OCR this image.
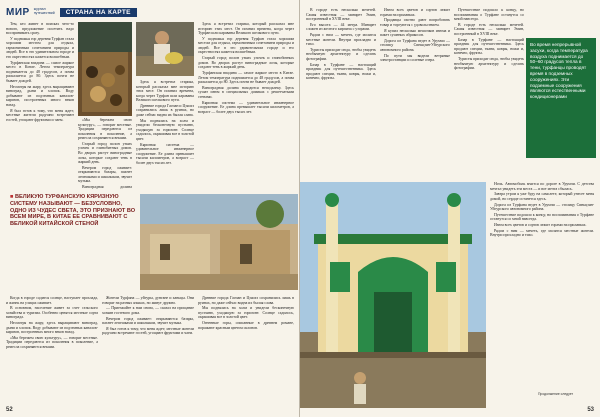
МИР журнал путешествий	СТРАНА НА КАРТЕ

Тем, кто живет в поисках чего-то нового, предложение посетить надо воспринимать сразу.

У подножья гор деревня Турфан стала хорошим местом для отдыха, гармоничным сочетанием природы и людей. Все в это удивительном городе и его окрестностях кажется волшебным.

Турфанская впадина — самое жаркое место в Китае. Летом температура поднимается до 48 градусов, а почва раскаляется до 80. Здесь почти не бывает дождей.

Несмотря на жару, здесь выращивают виноград, дыни и хлопок. Воду добывают из подземных каналов-кяризов, построенных много веков назад.

Я был готов к тому, что меня ждет; местные жители радушно встречают гостей, угощают фруктами и чаем.	«Мы бережем свою культуру», — говорят местные. Традиции передаются из поколения в поколение, а ремесла сохраняются веками.

Старый город полон узких улочек и глинобитных домов. Во дворах растут виноградные лозы, которые создают тень в жаркий день.

Вечером город оживает: открываются базары, пахнет лепешками и шашлыком, звучит музыка.

Виноградная долина

Здесь я встретил старика, который рассказал мне историю этих мест. Он помнил времена, когда через Турфан шли караваны Великого шелкового пути.

Древние города Гаочан и Цзяохэ сохранились лишь в руинах, но даже сейчас видна их былая слава.

Мы поднялись на холм и увидели бесконечную пустыню, уходящую за горизонт. Солнце садилось, окрашивая все в золотой цвет.

Кяризная система — удивительное инженерное сооружение. Ее длина превышает тысячи километров, а возраст — более двух тысяч лет.

Здесь я встретил старика, который рассказал мне историю этих мест. Он помнил времена, когда через Турфан шли караваны Великого шелкового пути.

У подножья гор деревня Турфан стала хорошим местом для отдыха, гармоничным сочетанием природы и людей. Все в это удивительном городе и его окрестностях кажется волшебным.

Старый город полон узких улочек и глинобитных домов. Во дворах растут виноградные лозы, которые создают тень в жаркий день.

Турфанская впадина — самое жаркое место в Китае. Летом температура поднимается до 48 градусов, а почва раскаляется до 80. Здесь почти не бывает дождей.

Виноградная долина находится неподалеку. Здесь сушат изюм в специальных домиках с решетчатыми стенами.

Кяризная система — удивительное инженерное сооружение. Ее длина превышает тысячи километров, а возраст — более двух тысяч лет.

■ ВЕЛИКУЮ ТУРФАНСКУЮ КЯРИЗНУЮ СИСТЕМУ НАЗЫВАЮТ — БЕЗУСЛОВНО, ОДНО ИЗ ЧУДЕС СВЕТА, ЭТО ПРИЗНАЮТ ВО ВСЕМ МИРЕ, В КИТАЕ ЕЕ СРАВНИВАЮТ С ВЕЛИКОЙ КИТАЙСКОЙ СТЕНОЙ

Когда в городе садится солнце, наступает прохлада, и жизнь на улицах оживает.

В основном, население живет за счет сельского хозяйства и туризма. Особенно ценятся местные сорта винограда.

Несмотря на жару, здесь выращивают виноград, дыни и хлопок. Воду добывают из подземных каналов-кяризов, построенных много веков назад.

«Мы бережем свою культуру», — говорят местные. Традиции передаются из поколения в поколение, а ремесла сохраняются веками.

Жители Турфана — уйгуры, дунгане и ханьцы. Они говорят на разных языках, но живут дружно.

— Приезжайте к нам снова, — сказал на прощание хозяин гостевого дома.

Вечером город оживает: открываются базары, пахнет лепешками и шашлыком, звучит музыка.

Я был готов к тому, что меня ждет; местные жители радушно встречают гостей, угощают фруктами и чаем.

Древние города Гаочан и Цзяохэ сохранились лишь в руинах, но даже сейчас видна их былая слава.

Мы поднялись на холм и увидели бесконечную пустыню, уходящую за горизонт. Солнце садилось, окрашивая все в золотой цвет.

Огненные горы, описанные в древнем романе, поражают красным цветом склонов.

52

В городе есть несколько мечетей. Самая известная — минарет Эмин, построенный в XVIII веке.

Его высота — 44 метра. Минарет сложен из желтого кирпича с узорами.

Рядом с ним — мечеть, где молятся местные жители. Внутри прохладно и тихо.

Туристы приходят сюда, чтобы увидеть необычную архитектуру и сделать фотографии.

Базар в Турфане — настоящий праздник для путешественника. Здесь продают специи, ткани, ковры, ножи и, конечно, фрукты.

Изюм всех цветов и сортов лежит горами на прилавках.

Продавцы охотно дают попробовать товар и торгуются с удовольствием.

Я купил несколько мешочков изюма и пакет сушеных абрикосов.

Дорога из Турфана ведет в Урумчи — столицу Синьцзян-Уйгурского автономного района.

По пути мы видели ветряные электростанции и соленые озера.

Путешествие подошло к концу, но воспоминания о Турфане останутся со мной навсегда.

В городе есть несколько мечетей. Самая известная — минарет Эмин, построенный в XVIII веке.

Базар в Турфане — настоящий праздник для путешественника. Здесь продают специи, ткани, ковры, ножи и, конечно, фрукты.

Туристы приходят сюда, чтобы увидеть необычную архитектуру и сделать фотографии.

Во время непрерывной засухи, когда температура воздуха поднимается до 50–60 градусов тепла в тени, турфанцы проводят время в подземных сооружениях. Эти подземные сооружения являются естественными кондиционерами

Ночь. Автомобиль мчится по дороге в Урумчи. С детства мечтал увидеть эти места — и вот мечта сбылась.

Завтра утром я уже буду на самолете, который унесет меня домой, но сердце останется здесь.

Дорога из Турфана ведет в Урумчи — столицу Синьцзян-Уйгурского автономного района.

Путешествие подошло к концу, но воспоминания о Турфане останутся со мной навсегда.

Изюм всех цветов и сортов лежит горами на прилавках.

Рядом с ним — мечеть, где молятся местные жители. Внутри прохладно и тихо.

Продолжение следует
53
